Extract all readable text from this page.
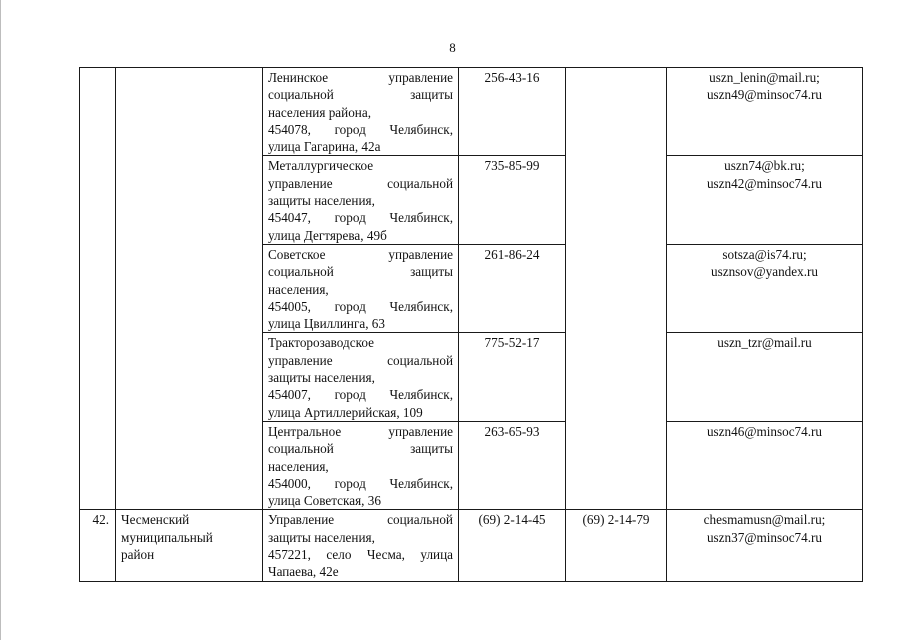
8

		Ленинское управление
социальной защиты
населения района,
454078, город Челябинск,
улица Гагарина, 42а	256-43-16		uszn_lenin@mail.ru;
uszn49@minsoc74.ru

		Металлургическое
управление социальной
защиты населения,
454047, город Челябинск,
улица Дегтярева, 49б	735-85-99		uszn74@bk.ru;
uszn42@minsoc74.ru

		Советское управление
социальной защиты
населения,
454005, город Челябинск,
улица Цвиллинга, 63	261-86-24		sotsza@is74.ru;
usznsov@yandex.ru

		Тракторозаводское
управление социальной
защиты населения,
454007, город Челябинск,
улица Артиллерийская, 109	775-52-17		uszn_tzr@mail.ru

		Центральное управление
социальной защиты
населения,
454000, город Челябинск,
улица Советская, 36	263-65-93		uszn46@minsoc74.ru

42.	Чесменский
муниципальный
район	Управление социальной
защиты населения,
457221, село Чесма, улица
Чапаева, 42е	(69) 2-14-45	(69) 2-14-79	chesmamusn@mail.ru;
uszn37@minsoc74.ru
